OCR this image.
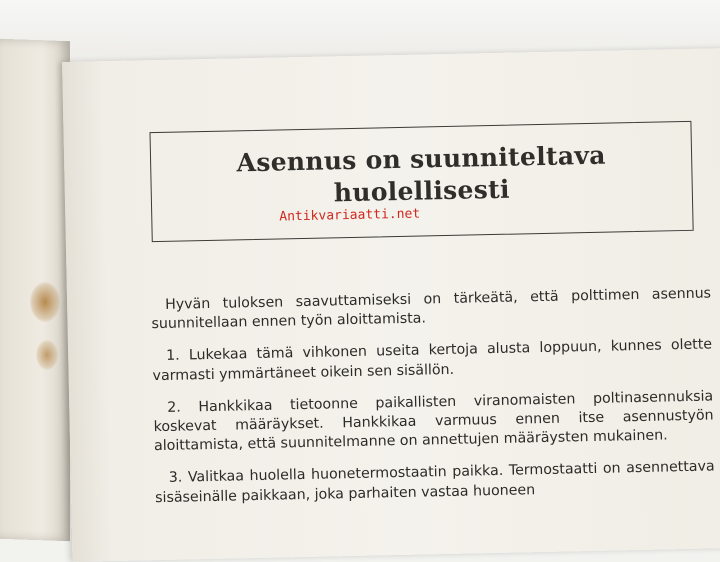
Asennus on suunniteltava
huolellisesti
Antikvariaatti.net

Hyvän tuloksen saavuttamiseksi on tärkeätä, että polttimen asennus suunnitellaan ennen työn aloittamista.

1. Lukekaa tämä vihkonen useita kertoja alusta loppuun, kunnes olette varmasti ymmärtäneet oikein sen sisällön.

2. Hankkikaa tietoonne paikallisten viranomaisten poltinasennuksia koskevat määräykset. Hankkikaa varmuus ennen itse asennustyön aloittamista, että suunnitelmanne on annettujen määräysten mukainen.

3. Valitkaa huolella huonetermostaatin paikka. Termostaatti on asennettava sisäseinälle paikkaan, joka parhaiten vastaa huoneen
